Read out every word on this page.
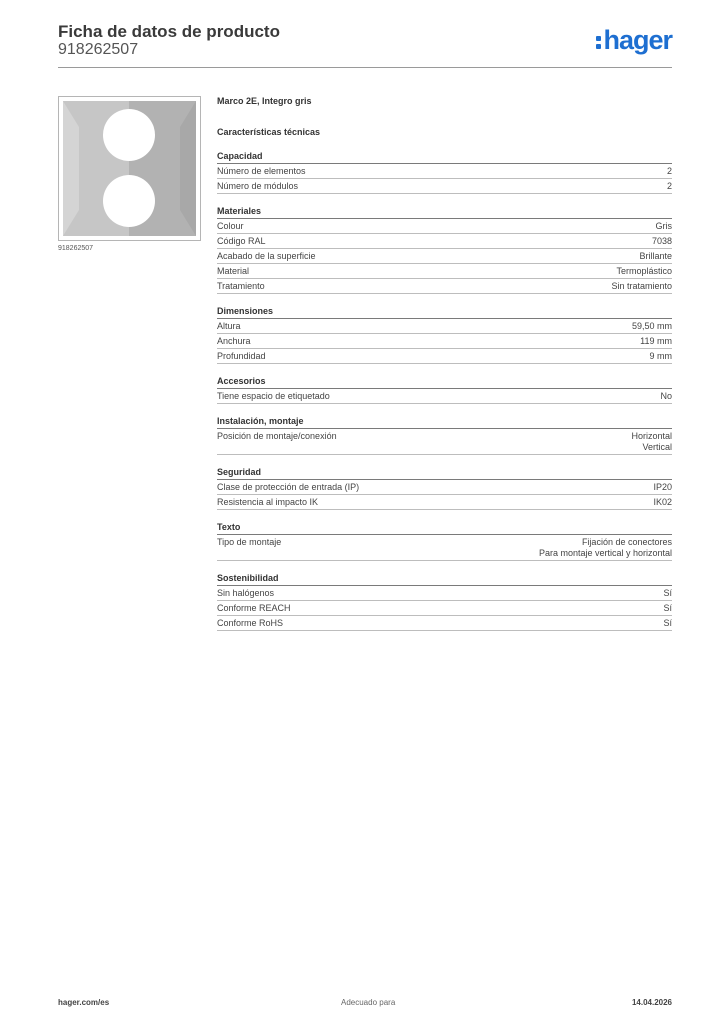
Ficha de datos de producto
918262507	hager
918262507
Marco 2E, Integro gris
Características técnicas
Capacidad
Número de elementos	2
Número de módulos	2
Materiales
Colour	Gris
Código RAL	7038
Acabado de la superficie	Brillante
Material	Termoplástico
Tratamiento	Sin tratamiento
Dimensiones
Altura	59,50 mm
Anchura	119 mm
Profundidad	9 mm
Accesorios
Tiene espacio de etiquetado	No
Instalación, montaje
Posición de montaje/conexión	Horizontal
Vertical
Seguridad
Clase de protección de entrada (IP)	IP20
Resistencia al impacto IK	IK02
Texto
Tipo de montaje	Fijación de conectores
Para montaje vertical y horizontal
Sostenibilidad
Sin halógenos	Sí
Conforme REACH	Sí
Conforme RoHS	Sí
hager.com/es	Adecuado para	14.04.2026
